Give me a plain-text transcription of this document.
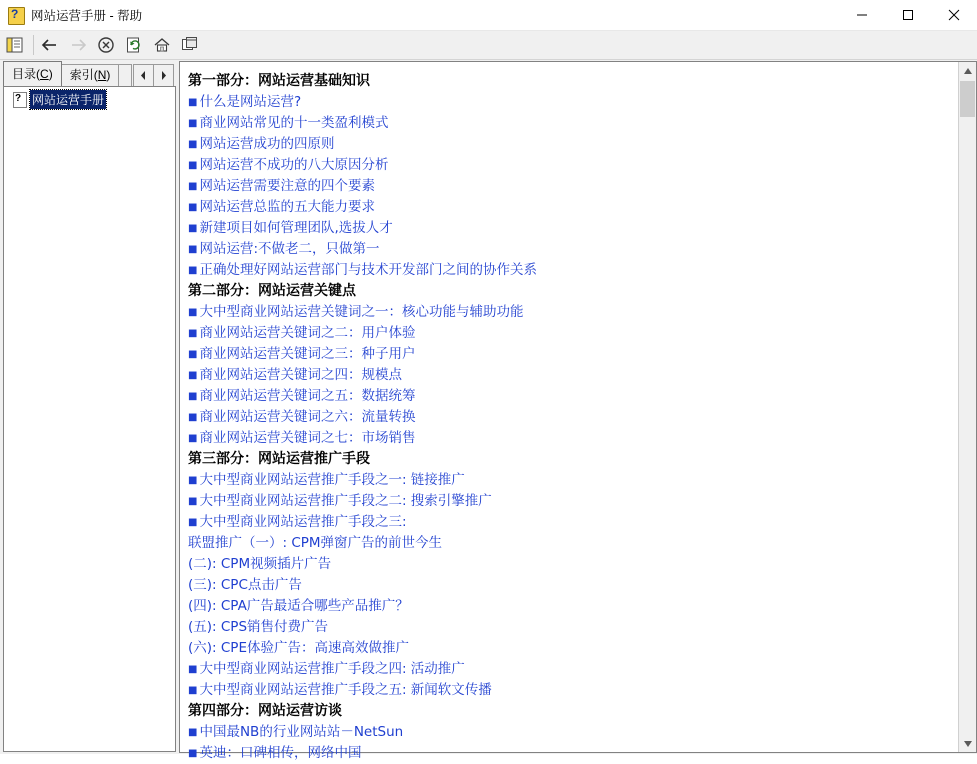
? 网站运营手册 - 帮助
目录(C)	索引(N)
? 网站运营手册
第一部分：网站运营基础知识
■ 什么是网站运营?
■ 商业网站常见的十一类盈利模式
■ 网站运营成功的四原则
■ 网站运营不成功的八大原因分析
■ 网站运营需要注意的四个要素
■ 网站运营总监的五大能力要求
■ 新建项目如何管理团队,选拔人才
■ 网站运营:不做老二，只做第一
■ 正确处理好网站运营部门与技术开发部门之间的协作关系
第二部分：网站运营关键点
■ 大中型商业网站运营关键词之一：核心功能与辅助功能
■ 商业网站运营关键词之二：用户体验
■ 商业网站运营关键词之三：种子用户
■ 商业网站运营关键词之四：规模点
■ 商业网站运营关键词之五：数据统筹
■ 商业网站运营关键词之六：流量转换
■ 商业网站运营关键词之七：市场销售
第三部分：网站运营推广手段
■ 大中型商业网站运营推广手段之一: 链接推广
■ 大中型商业网站运营推广手段之二: 搜索引擎推广
■ 大中型商业网站运营推广手段之三:
联盟推广（一）: CPM弹窗广告的前世今生
(二): CPM视频插片广告
(三): CPC点击广告
(四): CPA广告最适合哪些产品推广？
(五): CPS销售付费广告
(六): CPE体验广告：高速高效做推广
■ 大中型商业网站运营推广手段之四: 活动推广
■ 大中型商业网站运营推广手段之五: 新闻软文传播
第四部分：网站运营访谈
■ 中国最NB的行业网站站－NetSun
■ 英迪：口碑相传，网络中国
